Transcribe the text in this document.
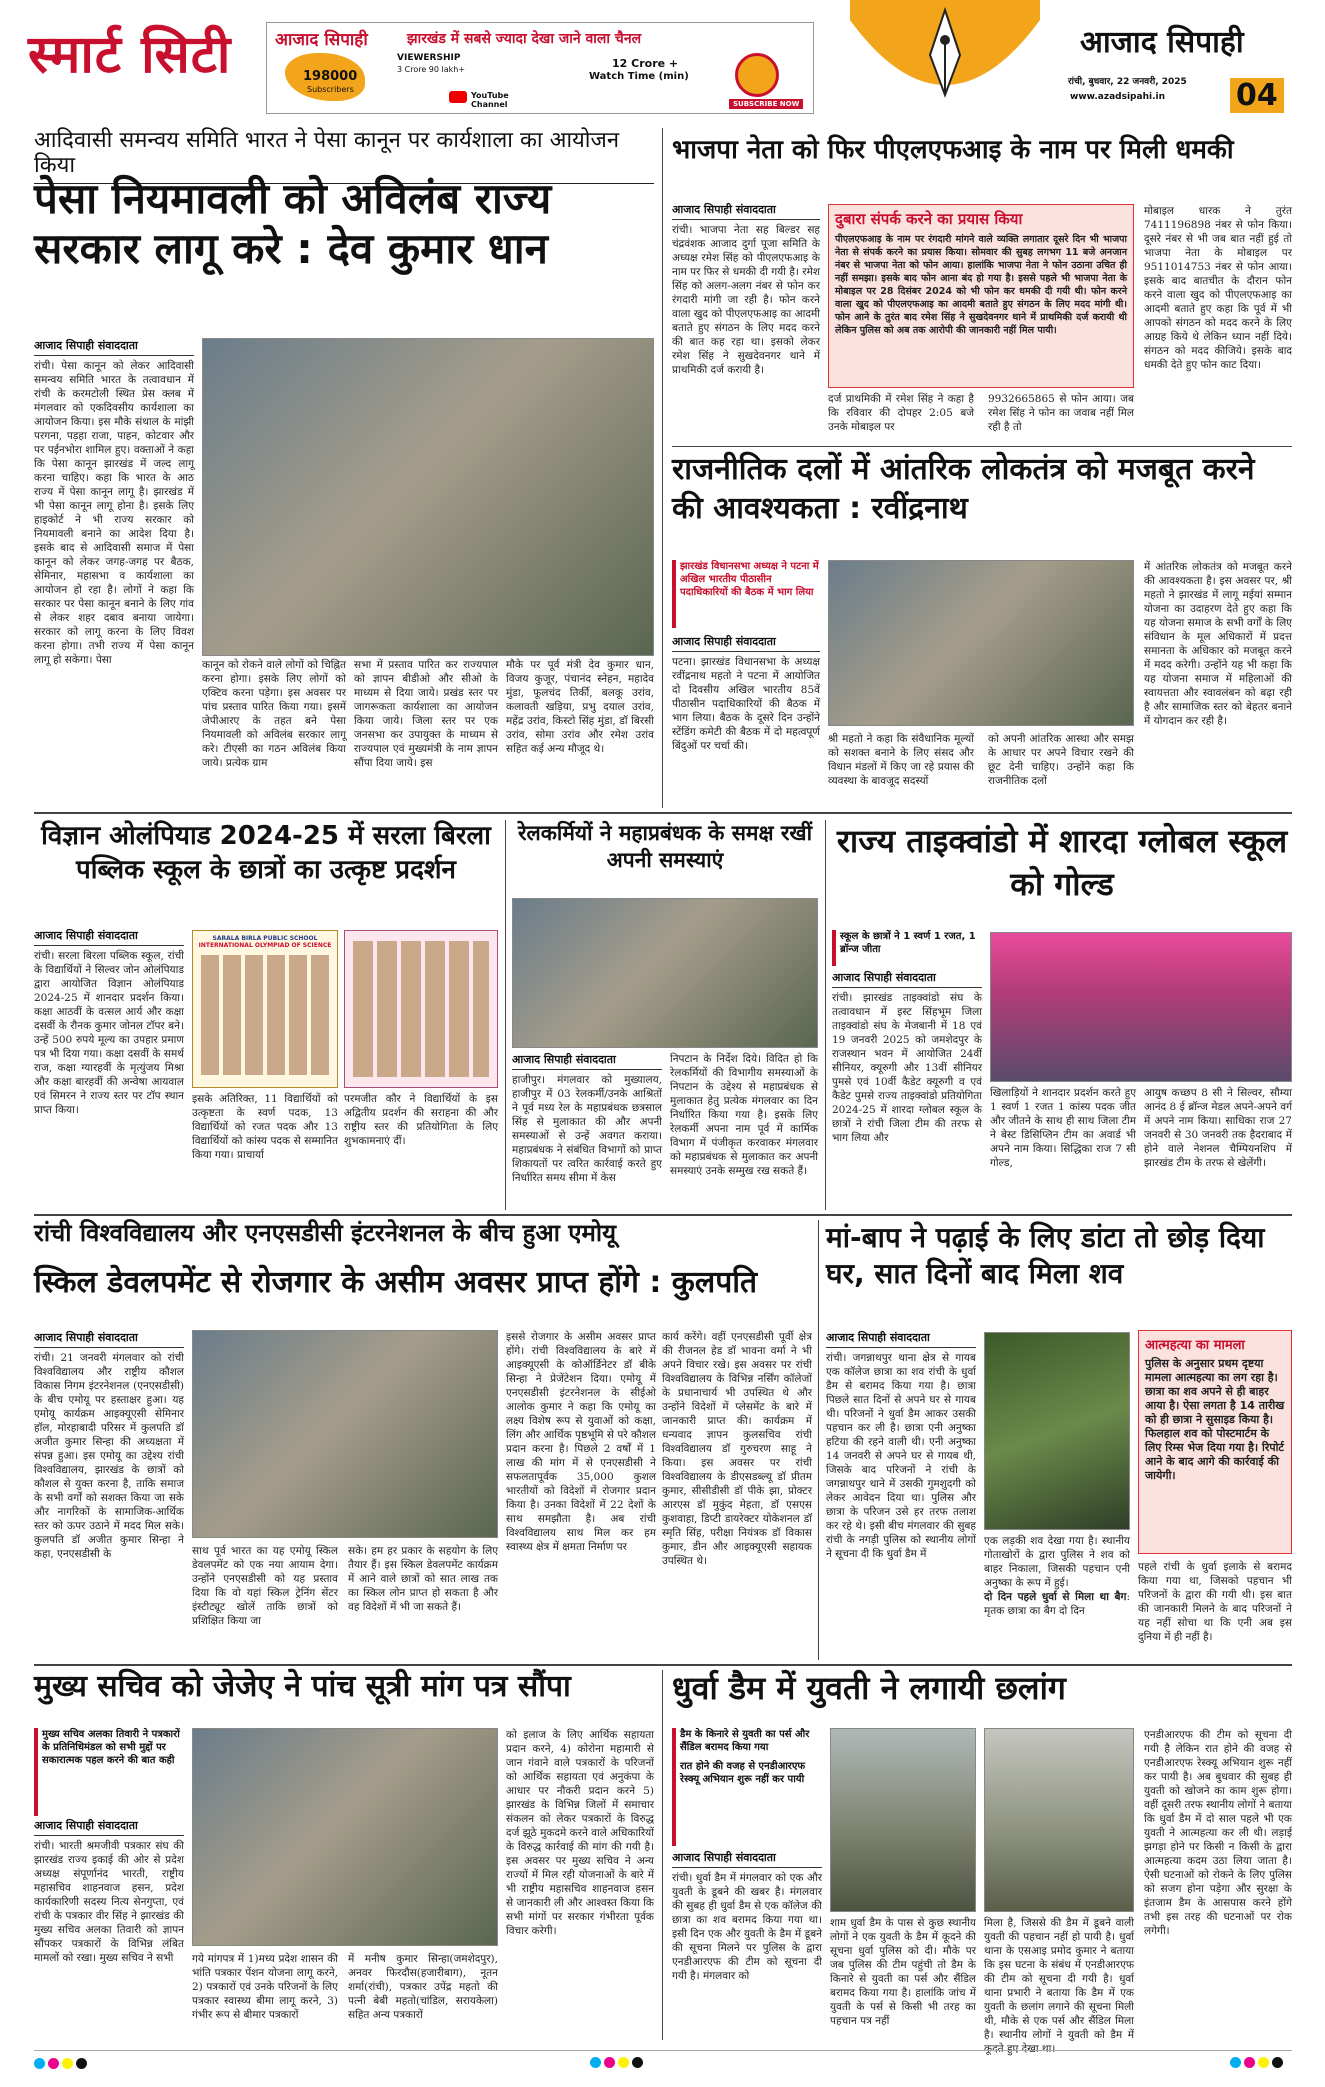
स्मार्ट सिटी	आजाद सिपाही	झारखंड में सबसे ज्यादा देखा जाने वाला चैनल
198000
Subscribers
VIEWERSHIP
3 Crore 90 lakh+	12 Crore +
Watch Time (min)
YouTube Channel	SUBSCRIBE NOW
आजाद सिपाही
रांची, बुधवार, 22 जनवरी, 2025
www.azadsipahi.in 04
आदिवासी समन्वय समिति भारत ने पेसा कानून पर कार्यशाला का आयोजन किया
पेसा नियमावली को अविलंब राज्य सरकार लागू करे : देव कुमार धान
आजाद सिपाही संवाददाता
रांची। पेसा कानून को लेकर आदिवासी समन्वय समिति भारत के तत्वावधान में रांची के करमटोली स्थित प्रेस क्लब में मंगलवार को एकदिवसीय कार्यशाला का आयोजन किया। इस मौके संथाल के मांझी परगना, पड़हा राजा, पाहन, कोटवार और पर पईनभोरा शामिल हुए। वक्ताओं ने कहा कि पेसा कानून झारखंड में जल्द लागू करना चाहिए। कहा कि भारत के आठ राज्य में पेसा कानून लागू है। झारखंड में भी पेसा कानून लागू होना है। इसके लिए हाइकोर्ट ने भी राज्य सरकार को नियमावली बनाने का आदेश दिया है। इसके बाद से आदिवासी समाज में पेसा कानून को लेकर जगह-जगह पर बैठक, सेमिनार, महासभा व कार्यशाला का आयोजन हो रहा है। लोगों ने कहा कि सरकार पर पेसा कानून बनाने के लिए गांव से लेकर शहर दबाव बनाया जायेगा। सरकार को लागू करना के लिए विवश करना होगा। तभी राज्य में पेसा कानून लागू हो सकेगा। पेसा	कानून को रोकने वाले लोगों को चिह्नित करना होगा। इसके लिए लोगों को एक्टिव करना पड़ेगा। इस अवसर पर पांच प्रस्ताव पारित किया गया। इसमें जेपीआरए के तहत बने पेसा नियमावली को अविलंब सरकार लागू करे। टीएसी का गठन अविलंब किया जाये। प्रत्येक ग्राम
सभा में प्रस्ताव पारित कर राज्यपाल को ज्ञापन बीडीओ और सीओ के माध्यम से दिया जाये। प्रखंड स्तर पर जागरूकता कार्यशाला का आयोजन किया जाये। जिला स्तर पर एक जनसभा कर उपायुक्त के माध्यम से राज्यपाल एवं मुख्यमंत्री के नाम ज्ञापन सौंपा दिया जाये। इस
मौके पर पूर्व मंत्री देव कुमार धान, विजय कुजूर, पंचानंद स्नेहन, महादेव मुंडा, फूलचंद तिर्की, बलकू उरांव, कलावती खड़िया, प्रभु दयाल उरांव, महेंद्र उरांव, किस्टो सिंह मुंडा, डॉ बिरसी उरांव, सोमा उरांव और रमेश उरांव सहित कई अन्य मौजूद थे।
भाजपा नेता को फिर पीएलएफआइ के नाम पर मिली धमकी
आजाद सिपाही संवाददाता
रांची। भाजपा नेता सह बिल्डर सह चंद्रवंशक आजाद दुर्गा पूजा समिति के अध्यक्ष रमेश सिंह को पीएलएफआइ के नाम पर फिर से धमकी दी गयी है। रमेश सिंह को अलग-अलग नंबर से फोन कर रंगदारी मांगी जा रही है। फोन करने वाला खुद को पीएलएफआइ का आदमी बताते हुए संगठन के लिए मदद करने की बात कह रहा था। इसको लेकर रमेश सिंह ने सुखदेवनगर थाने में प्राथमिकी दर्ज करायी है।
दुबारा संपर्क करने का प्रयास किया
पीएलएफआइ के नाम पर रंगदारी मांगने वाले व्यक्ति लगातार दूसरे दिन भी भाजपा नेता से संपर्क करने का प्रयास किया। सोमवार की सुबह लगभग 11 बजे अनजान नंबर से भाजपा नेता को फोन आया। हालांकि भाजपा नेता ने फोन उठाना उचित ही नहीं समझा। इसके बाद फोन आना बंद हो गया है। इससे पहले भी भाजपा नेता के मोबाइल पर 28 दिसंबर 2024 को भी फोन कर धमकी दी गयी थी। फोन करने वाला खुद को पीएलएफआइ का आदमी बताते हुए संगठन के लिए मदद मांगी थी। फोन आने के तुरंत बाद रमेश सिंह ने सुखदेवनगर थाने में प्राथमिकी दर्ज करायी थी लेकिन पुलिस को अब तक आरोपी की जानकारी नहीं मिल पायी।
दर्ज प्राथमिकी में रमेश सिंह ने कहा है कि रविवार की दोपहर 2:05 बजे उनके मोबाइल पर
9932665865 से फोन आया। जब रमेश सिंह ने फोन का जवाब नहीं मिल रही है तो
मोबाइल धारक ने तुरंत 7411196898 नंबर से फोन किया। दूसरे नंबर से भी जब बात नहीं हुई तो भाजपा नेता के मोबाइल पर 9511014753 नंबर से फोन आया। इसके बाद बातचीत के दौरान फोन करने वाला खुद को पीएलएफआइ का आदमी बताते हुए कहा कि पूर्व में भी आपको संगठन को मदद करने के लिए आग्रह किये थे लेकिन ध्यान नहीं दिये। संगठन को मदद कीजिये। इसके बाद धमकी देते हुए फोन काट दिया।
राजनीतिक दलों में आंतरिक लोकतंत्र को मजबूत करने की आवश्यकता : रवींद्रनाथ
झारखंड विधानसभा अध्यक्ष ने पटना में अखिल भारतीय पीठासीन पदाधिकारियों की बैठक में भाग लिया
आजाद सिपाही संवाददाता
पटना। झारखंड विधानसभा के अध्यक्ष रवींद्रनाथ महतो ने पटना में आयोजित दो दिवसीय अखिल भारतीय 85वें पीठासीन पदाधिकारियों की बैठक में भाग लिया। बैठक के दूसरे दिन उन्होंने स्टेंडिंग कमेटी की बैठक में दो महत्वपूर्ण बिंदुओं पर चर्चा की।
श्री महतो ने कहा कि संवैधानिक मूल्यों को सशक्त बनाने के लिए संसद और विधान मंडलों में किए जा रहे प्रयास की व्यवस्था के बावजूद सदस्यों
को अपनी आंतरिक आस्था और समझ के आधार पर अपने विचार रखने की छूट देनी चाहिए। उन्होंने कहा कि राजनीतिक दलों
में आंतरिक लोकतंत्र को मजबूत करने की आवश्यकता है। इस अवसर पर, श्री महतो ने झारखंड में लागू मईयां सम्मान योजना का उदाहरण देते हुए कहा कि यह योजना समाज के सभी वर्गों के लिए संविधान के मूल अधिकारों में प्रदत्त समानता के अधिकार को मजबूत करने में मदद करेगी। उन्होंने यह भी कहा कि यह योजना समाज में महिलाओं की स्वायत्तता और स्वावलंबन को बढ़ा रही है और सामाजिक स्तर को बेहतर बनाने में योगदान कर रही है।
विज्ञान ओलंपियाड 2024-25 में सरला बिरला पब्लिक स्कूल के छात्रों का उत्कृष्ट प्रदर्शन
आजाद सिपाही संवाददाता
रांची। सरला बिरला पब्लिक स्कूल, रांची के विद्यार्थियों ने सिल्वर जोन ओलंपियाड द्वारा आयोजित विज्ञान ओलंपियाड 2024-25 में शानदार प्रदर्शन किया। कक्षा आठवीं के वत्सल आर्य और कक्षा दसवीं के रौनक कुमार जोनल टॉपर बने। उन्हें 500 रुपये मूल्य का उपहार प्रमाण पत्र भी दिया गया। कक्षा दसवीं के समर्थ राज, कक्षा ग्यारहवीं के मृत्युंजय मिश्रा और कक्षा बारहवीं की अन्वेषा आयवाल एवं सिमरन ने राज्य स्तर पर टॉप स्थान प्राप्त किया।
SARALA BIRLA PUBLIC SCHOOL
INTERNATIONAL OLYMPIAD OF SCIENCE
इसके अतिरिक्त, 11 विद्यार्थियों को उत्कृष्टता के स्वर्ण पदक, 13 विद्यार्थियों को रजत पदक और 13 विद्यार्थियों को कांस्य पदक से सम्मानित किया गया। प्राचार्या
परमजीत कौर ने विद्यार्थियों के इस अद्वितीय प्रदर्शन की सराहना की और राष्ट्रीय स्तर की प्रतियोगिता के लिए शुभकामनाएं दीं।
रेलकर्मियों ने महाप्रबंधक के समक्ष रखीं अपनी समस्याएं
आजाद सिपाही संवाददाता
हाजीपुर। मंगलवार को मुख्यालय, हाजीपुर में 03 रेलकर्मी/उनके आश्रितों ने पूर्व मध्य रेल के महाप्रबंधक छत्रसाल सिंह से मुलाकात की और अपनी समस्याओं से उन्हें अवगत कराया। महाप्रबंधक ने संबंधित विभागों को प्राप्त शिकायतों पर त्वरित कार्रवाई करते हुए निर्धारित समय सीमा में केस
निपटान के निर्देश दिये। विदित हो कि रेलकर्मियों की विभागीय समस्याओं के निपटान के उद्देश्य से महाप्रबंधक से मुलाकात हेतु प्रत्येक मंगलवार का दिन निर्धारित किया गया है। इसके लिए रेलकर्मी अपना नाम पूर्व में कार्मिक विभाग में पंजीकृत करवाकर मंगलवार को महाप्रबंधक से मुलाकात कर अपनी समस्याएं उनके सम्मुख रख सकते हैं।
राज्य ताइक्वांडो में शारदा ग्लोबल स्कूल को गोल्ड
स्कूल के छात्रों ने 1 स्वर्ण 1 रजत, 1 ब्रॉन्ज जीता
आजाद सिपाही संवाददाता
रांची। झारखंड ताइक्वांडो संघ के तत्वावधान में इस्ट सिंहभूम जिला ताइक्वांडो संघ के मेजबानी में 18 एवं 19 जनवरी 2025 को जमशेदपुर के राजस्थान भवन में आयोजित 24वीं सीनियर, क्यूरुगी और 13वीं सीनियर पुमसे एवं 10वीं कैडेट क्यूरुगी व एवं कैडेट पुमसे राज्य ताइक्वांडो प्रतियोगिता 2024-25 में शारदा ग्लोबल स्कूल के छात्रों ने रांची जिला टीम की तरफ से भाग लिया और
खिलाड़ियों ने शानदार प्रदर्शन करते हुए 1 स्वर्ण 1 रजत 1 कांस्य पदक जीत और जीतने के साथ ही साथ जिला टीम ने बेस्ट डिसिप्लिन टीम का अवार्ड भी अपने नाम किया। सिद्धिका राज 7 सी गोल्ड,
आयुष कच्छप 8 सी ने सिल्वर, सौम्या आनंद 8 ई ब्रॉन्ज मेडल अपने-अपने वर्ग में अपने नाम किया। साधिका राज 27 जनवरी से 30 जनवरी तक हैदराबाद में होने वाले नेशनल चैम्पियनशिप में झारखंड टीम के तरफ से खेलेंगी।
रांची विश्वविद्यालय और एनएसडीसी इंटरनेशनल के बीच हुआ एमोयू
स्किल डेवलपमेंट से रोजगार के असीम अवसर प्राप्त होंगे : कुलपति
आजाद सिपाही संवाददाता
रांची। 21 जनवरी मंगलवार को रांची विश्वविद्यालय और राष्ट्रीय कौशल विकास निगम इंटरनेशनल (एनएसडीसी) के बीच एमोयू पर हस्ताक्षर हुआ। यह एमोयू कार्यक्रम आइक्यूएसी सेमिनार हॉल, मोरहाबादी परिसर में कुलपति डॉ अजीत कुमार सिन्हा की अध्यक्षता में संपन्न हुआ। इस एमोयू का उद्देश्य रांची विश्वविद्यालय, झारखंड के छात्रों को कौशल से युक्त करना है, ताकि समाज के सभी वर्गों को सशक्त किया जा सके और नागरिकों के सामाजिक-आर्थिक स्तर को ऊपर उठाने में मदद मिल सके। कुलपति डॉ अजीत कुमार सिन्हा ने कहा, एनएसडीसी के	साथ पूर्व भारत का यह एमोयू स्किल डेवलपमेंट को एक नया आयाम देगा। उन्होंने एनएसडीसी को यह प्रस्ताव दिया कि वो यहां स्किल ट्रेनिंग सेंटर इंस्टीट्यूट खोलें ताकि छात्रों को प्रशिक्षित किया जा
सके। हम हर प्रकार के सहयोग के लिए तैयार हैं। इस स्किल डेवलपमेंट कार्यक्रम में आने वाले छात्रों को सात लाख तक का स्किल लोन प्राप्त हो सकता है और वह विदेशों में भी जा सकते हैं।
इससे रोजगार के असीम अवसर प्राप्त होंगे। रांची विश्वविद्यालय के बारे में आइक्यूएसी के कोऑर्डिनेटर डॉ बीके सिन्हा ने प्रेजेंटेशन दिया। एमोयू में एनएसडीसी इंटरनेशनल के सीईओ आलोक कुमार ने कहा कि एमोयू का लक्ष्य विशेष रूप से युवाओं को कक्षा, लिंग और आर्थिक पृष्ठभूमि से परे कौशल प्रदान करना है। पिछले 2 वर्षों में 1 लाख की मांग में से एनएसडीसी ने सफलतापूर्वक 35,000 कुशल भारतीयों को विदेशों में रोजगार प्रदान किया है। उनका विदेशों में 22 देशों के साथ समझौता है। अब रांची विश्वविद्यालय साथ मिल कर हम स्वास्थ्य क्षेत्र में क्षमता निर्माण पर
कार्य करेंगे। वहीं एनएसडीसी पूर्वी क्षेत्र की रीजनल हेड डॉ भावना वर्मा ने भी अपने विचार रखे। इस अवसर पर रांची विश्वविद्यालय के विभिन्न नर्सिंग कॉलेजों के प्रधानाचार्य भी उपस्थित थे और उन्होंने विदेशों में प्लेसमेंट के बारे में जानकारी प्राप्त की। कार्यक्रम में धन्यवाद ज्ञापन कुलसचिव रांची विश्वविद्यालय डॉ गुरुचरण साहू ने किया। इस अवसर पर रांची विश्वविद्यालय के डीएसडब्ल्यू डॉ प्रीतम कुमार, सीसीडीसी डॉ पीके झा, प्रोक्टर आरएस डॉ मुकुंद मेहता, डॉ एसएस कुशवाहा, डिप्टी डायरेक्टर योकेशनल डॉ स्मृति सिंह, परीक्षा नियंत्रक डॉ विकास कुमार, डीन और आइक्यूएसी सहायक उपस्थित थे।
मां-बाप ने पढ़ाई के लिए डांटा तो छोड़ दिया घर, सात दिनों बाद मिला शव
आजाद सिपाही संवाददाता
रांची। जगन्नाथपुर थाना क्षेत्र से गायब एक कॉलेज छात्रा का शव रांची के धुर्वा डैम से बरामद किया गया है। छात्रा पिछले सात दिनों से अपने घर से गायब थी। परिजनों ने धुर्वा डैम आकर उसकी पहचान कर ली है। छात्रा एनी अनुष्का हटिया की रहने वाली थी। एनी अनुष्का 14 जनवरी से अपने घर से गायब थी, जिसके बाद परिजनों ने रांची के जगन्नाथपुर थाने में उसकी गुमशुदगी को लेकर आवेदन दिया था। पुलिस और छात्रा के परिजन उसे हर तरफ तलाश कर रहे थे। इसी बीच मंगलवार की सुबह रांची के नगड़ी पुलिस को स्थानीय लोगों ने सूचना दी कि धुर्वा डैम में
एक लड़की शव देखा गया है। स्थानीय गोताखोरों के द्वारा पुलिस ने शव को बाहर निकाला, जिसकी पहचान एनी अनुष्का के रूप में हुई।
दो दिन पहले धुर्वा से मिला था बैग: मृतक छात्रा का बैग दो दिन
आत्महत्या का मामला
पुलिस के अनुसार प्रथम दृष्टया मामला आत्महत्या का लग रहा है। छात्रा का शव अपने से ही बाहर आया है। ऐसा लगता है 14 तारीख को ही छात्रा ने सुसाइड किया है। फिलहाल शव को पोस्टमार्टम के लिए रिम्स भेज दिया गया है। रिपोर्ट आने के बाद आगे की कार्रवाई की जायेगी।
पहले रांची के धुर्वा इलाके से बरामद किया गया था, जिसको पहचान भी परिजनों के द्वारा की गयी थी। इस बात की जानकारी मिलने के बाद परिजनों ने यह नहीं सोचा था कि एनी अब इस दुनिया में ही नहीं है।
मुख्य सचिव को जेजेए ने पांच सूत्री मांग पत्र सौंपा
मुख्य सचिव अलका तिवारी ने पत्रकारों के प्रतिनिधिमंडल को सभी मुद्दों पर सकारात्मक पहल करने की बात कही
आजाद सिपाही संवाददाता
रांची। भारती श्रमजीवी पत्रकार संघ की झारखंड राज्य इकाई की ओर से प्रदेश अध्यक्ष संपूर्णानंद भारती, राष्ट्रीय महासचिव शाहनवाज हसन, प्रदेश कार्यकारिणी सदस्य नित्य सेनगुप्ता, एवं रांची के पत्रकार वीर सिंह ने झारखंड की मुख्य सचिव अलका तिवारी को ज्ञापन सौंपकर पत्रकारों के विभिन्न लंबित मामलों को रखा। मुख्य सचिव ने सभी	गये मांगपत्र में 1)मध्य प्रदेश शासन की भांति पत्रकार पेंशन योजना लागू करने, 2) पत्रकारों एवं उनके परिजनों के लिए पत्रकार स्वास्थ्य बीमा लागू करने, 3) गंभीर रूप से बीमार पत्रकारों
में मनीष कुमार सिन्हा(जमशेदपुर), अनवर फिरदौस(हजारीबाग), नूतन शर्मा(रांची), पत्रकार उपेंद्र महतो की पत्नी बेबी महतो(चांडिल, सरायकेला) सहित अन्य पत्रकारों
को इलाज के लिए आर्थिक सहायता प्रदान करने, 4) कोरोना महामारी से जान गंवाने वाले पत्रकारों के परिजनों को आर्थिक सहायता एवं अनुकंपा के आधार पर नौकरी प्रदान करने 5) झारखंड के विभिन्न जिलों में समाचार संकलन को लेकर पत्रकारों के विरुद्ध दर्ज झूठे मुकदमे करने वाले अधिकारियों के विरुद्ध कार्रवाई की मांग की गयी है। इस अवसर पर मुख्य सचिव ने अन्य राज्यों में मिल रही योजनाओं के बारे में भी राष्ट्रीय महासचिव शाहनवाज हसन से जानकारी ली और आश्वस्त किया कि सभी मांगों पर सरकार गंभीरता पूर्वक विचार करेगी।
धुर्वा डैम में युवती ने लगायी छलांग
डैम के किनारे से युवती का पर्स और सैंडिल बरामद किया गया
रात होने की वजह से एनडीआरएफ रेस्क्यू अभियान शुरू नहीं कर पायी
आजाद सिपाही संवाददाता
रांची। धुर्वा डैम में मंगलवार को एक और युवती के डूबने की खबर है। मंगलवार की सुबह ही धुर्वा डैम से एक कॉलेज की छात्रा का शव बरामद किया गया था। इसी दिन एक और युवती के डैम में डूबने की सूचना मिलने पर पुलिस के द्वारा एनडीआरएफ की टीम को सूचना दी गयी है। मंगलवार को
शाम धुर्वा डैम के पास से कुछ स्थानीय लोगों ने एक युवती के डैम में कूदने की सूचना धुर्वा पुलिस को दी। मौके पर जब पुलिस की टीम पहुंची तो डैम के किनारे से युवती का पर्स और सैंडिल बरामद किया गया है। हालांकि जांच में युवती के पर्स से किसी भी तरह का पहचान पत्र नहीं
मिला है, जिससे की डैम में डूबने वाली युवती की पहचान नहीं हो पायी है। धुर्वा थाना के एसआइ प्रमोद कुमार ने बताया कि इस घटना के संबंध में एनडीआरएफ की टीम को सूचना दी गयी है। धुर्वा थाना प्रभारी ने बताया कि डैम में एक युवती के छलांग लगाने की सूचना मिली थी, मौके से एक पर्स और सैंडिल मिला है। स्थानीय लोगों ने युवती को डैम में कूदते हुए देखा था।
एनडीआरएफ की टीम को सूचना दी गयी है लेकिन रात होने की वजह से एनडीआरएफ रेस्क्यू अभियान शुरू नहीं कर पायी है। अब बुधवार की सुबह ही युवती को खोजने का काम शुरू होगा। वहीं दूसरी तरफ स्थानीय लोगों ने बताया कि धुर्वा डैम में दो साल पहले भी एक युवती ने आत्महत्या कर ली थी। लड़ाई झगड़ा होने पर किसी न किसी के द्वारा आत्महत्या कदम उठा लिया जाता है। ऐसी घटनाओं को रोकने के लिए पुलिस को सजग होना पड़ेगा और सुरक्षा के इंतजाम डैम के आसपास करने होंगे तभी इस तरह की घटनाओं पर रोक लगेगी।
